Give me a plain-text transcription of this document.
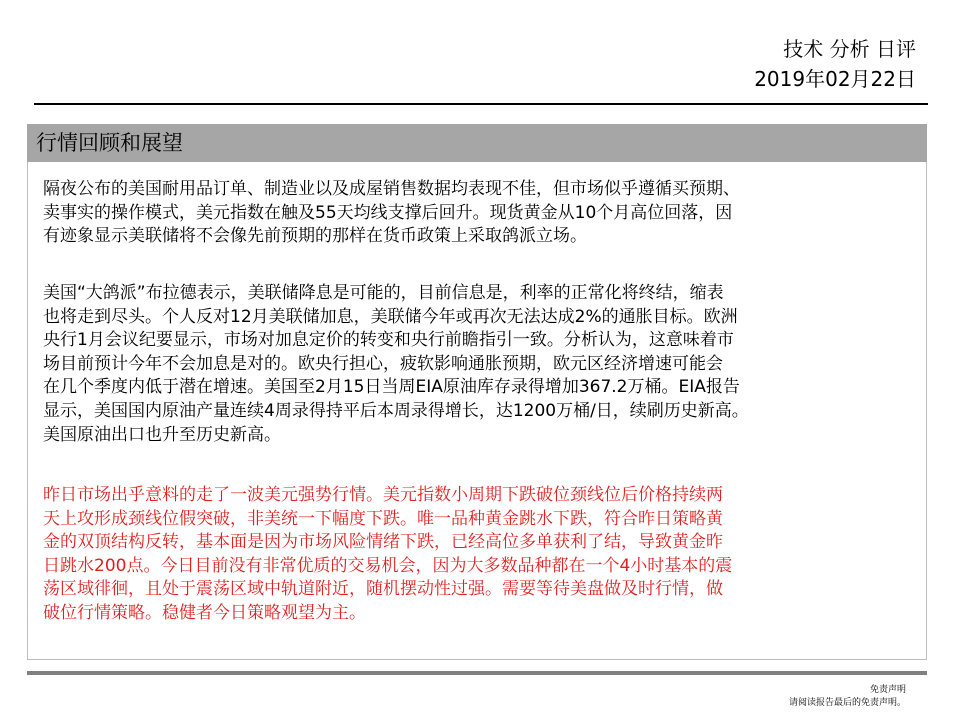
技术 分析 日评
2019年02月22日
行情回顾和展望
隔夜公布的美国耐用品订单、制造业以及成屋销售数据均表现不佳，但市场似乎遵循买预期、
卖事实的操作模式，美元指数在触及55天均线支撑后回升。现货黄金从10个月高位回落，因
有迹象显示美联储将不会像先前预期的那样在货币政策上采取鸽派立场。
美国“大鸽派”布拉德表示，美联储降息是可能的，目前信息是，利率的正常化将终结，缩表
也将走到尽头。个人反对12月美联储加息，美联储今年或再次无法达成2%的通胀目标。欧洲
央行1月会议纪要显示，市场对加息定价的转变和央行前瞻指引一致。分析认为，这意味着市
场目前预计今年不会加息是对的。欧央行担心，疲软影响通胀预期，欧元区经济增速可能会
在几个季度内低于潜在增速。美国至2月15日当周EIA原油库存录得增加367.2万桶。EIA报告
显示，美国国内原油产量连续4周录得持平后本周录得增长，达1200万桶/日，续刷历史新高。
美国原油出口也升至历史新高。
昨日市场出乎意料的走了一波美元强势行情。美元指数小周期下跌破位颈线位后价格持续两
天上攻形成颈线位假突破，非美统一下幅度下跌。唯一品种黄金跳水下跌，符合昨日策略黄
金的双顶结构反转，基本面是因为市场风险情绪下跌，已经高位多单获利了结，导致黄金昨
日跳水200点。今日目前没有非常优质的交易机会，因为大多数品种都在一个4小时基本的震
荡区域徘徊，且处于震荡区域中轨道附近，随机摆动性过强。需要等待美盘做及时行情，做
破位行情策略。稳健者今日策略观望为主。
免责声明
请阅读报告最后的免责声明。
